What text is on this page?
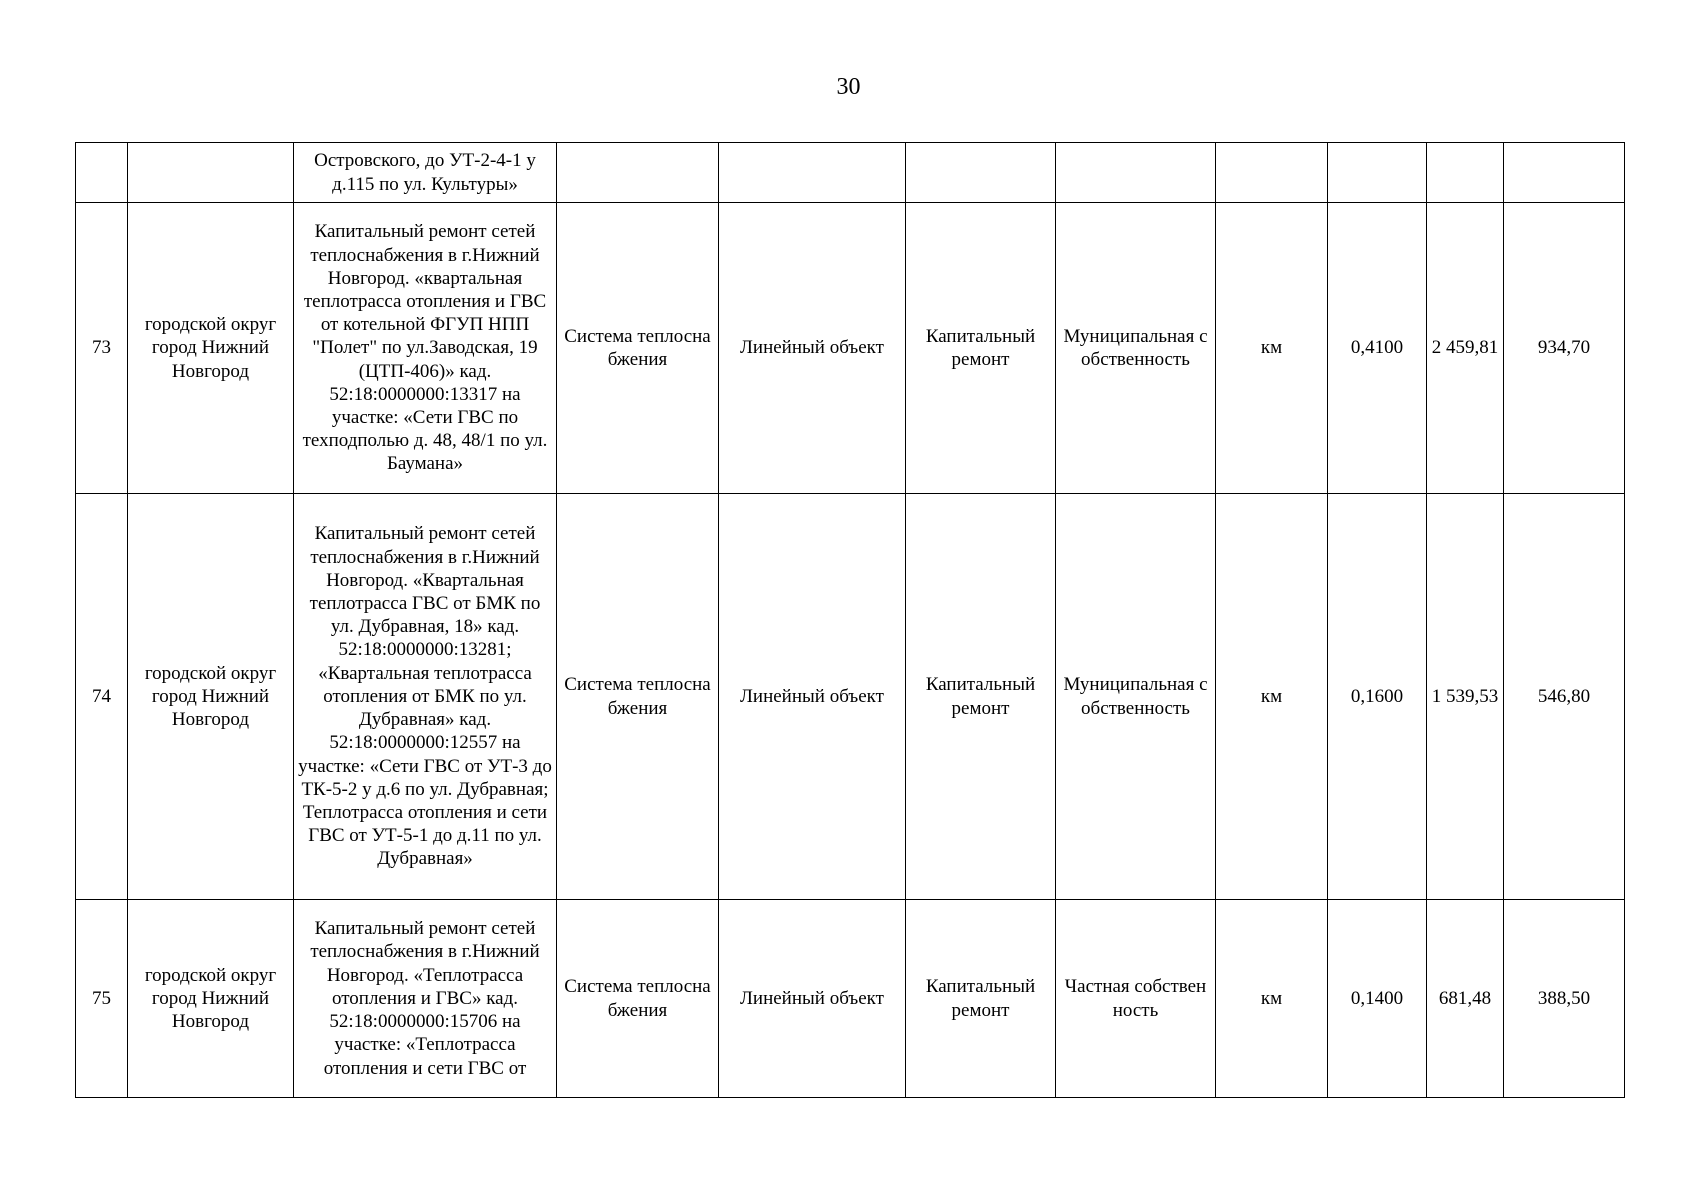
30
		Островского, до УТ-2-4-1 у д.115 по ул. Культуры»								
73	городской округ город Нижний Новгород	Капитальный ремонт сетей теплоснабжения в г.Нижний Новгород. «квартальная теплотрасса отопления и ГВС от котельной ФГУП НПП "Полет" по ул.Заводская, 19 (ЦТП-406)» кад. 52:18:0000000:13317 на участке: «Сети ГВС по техподполью д. 48, 48/1 по ул. Баумана»	Система теплоснабжения	Линейный объект	Капитальный ремонт	Муниципальная собственность	км	0,4100	2 459,81	934,70
74	городской округ город Нижний Новгород	Капитальный ремонт сетей теплоснабжения в г.Нижний Новгород. «Квартальная теплотрасса ГВС от БМК по ул. Дубравная, 18» кад. 52:18:0000000:13281; «Квартальная теплотрасса отопления от БМК по ул. Дубравная» кад. 52:18:0000000:12557 на участке: «Сети ГВС от УТ-3 до ТК-5-2 у д.6 по ул. Дубравная; Теплотрасса отопления и сети ГВС от УТ-5-1 до д.11 по ул. Дубравная»	Система теплоснабжения	Линейный объект	Капитальный ремонт	Муниципальная собственность	км	0,1600	1 539,53	546,80
75	городской округ город Нижний Новгород	Капитальный ремонт сетей теплоснабжения в г.Нижний Новгород. «Теплотрасса отопления и ГВС» кад. 52:18:0000000:15706 на участке: «Теплотрасса отопления и сети ГВС от	Система теплоснабжения	Линейный объект	Капитальный ремонт	Частная собственность	км	0,1400	681,48	388,50
